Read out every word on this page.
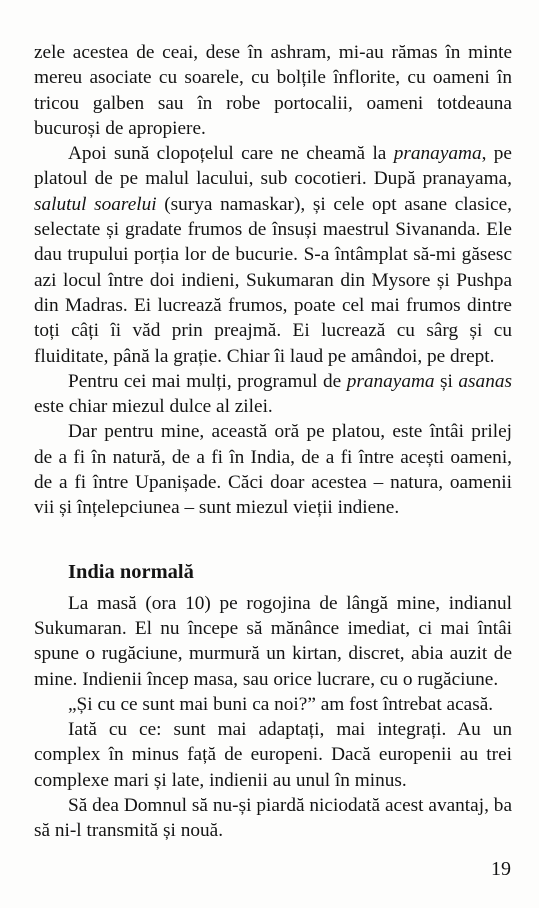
zele acestea de ceai, dese în ashram, mi-au rămas în minte mereu asociate cu soarele, cu bolțile înflorite, cu oameni în tricou galben sau în robe portocalii, oameni totdeauna bucuroși de apropiere.

Apoi sună clopoțelul care ne cheamă la pranayama, pe platoul de pe malul lacului, sub cocotieri. După pranayama, salutul soarelui (surya namaskar), și cele opt asane clasice, selectate și gradate frumos de însuși maestrul Sivananda. Ele dau trupului porția lor de bucurie. S-a întâmplat să-mi găsesc azi locul între doi indieni, Sukumaran din Mysore și Pushpa din Madras. Ei lucrează frumos, poate cel mai frumos dintre toți câți îi văd prin preajmă. Ei lucrează cu sârg și cu fluiditate, până la grație. Chiar îi laud pe amândoi, pe drept.

Pentru cei mai mulți, programul de pranayama și asanas este chiar miezul dulce al zilei.

Dar pentru mine, această oră pe platou, este întâi prilej de a fi în natură, de a fi în India, de a fi între acești oameni, de a fi între Upanișade. Căci doar acestea – natura, oamenii vii și înțelepciunea – sunt miezul vieții indiene.

India normală

La masă (ora 10) pe rogojina de lângă mine, indianul Sukumaran. El nu începe să mănânce imediat, ci mai întâi spune o rugăciune, murmură un kirtan, discret, abia auzit de mine. Indienii încep masa, sau orice lucrare, cu o rugăciune.

„Și cu ce sunt mai buni ca noi?” am fost întrebat acasă.

Iată cu ce: sunt mai adaptați, mai integrați. Au un complex în minus față de europeni. Dacă europenii au trei complexe mari și late, indienii au unul în minus.

Să dea Domnul să nu-și piardă niciodată acest avantaj, ba să ni-l transmită și nouă.

19
